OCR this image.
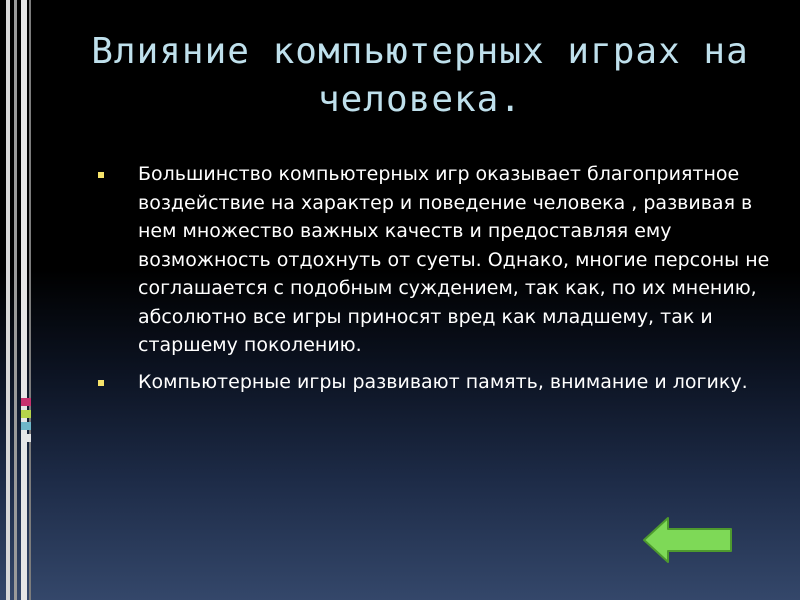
Влияние компьютерных играх на человека.
Большинство компьютерных игр оказывает благоприятное воздействие на характер и поведение человека , развивая в нем множество важных качеств и предоставляя ему возможность отдохнуть от суеты. Однако, многие персоны не соглашается с подобным суждением, так как, по их мнению, абсолютно все игры приносят вред как младшему, так и старшему поколению.
Компьютерные игры развивают память, внимание и логику.
